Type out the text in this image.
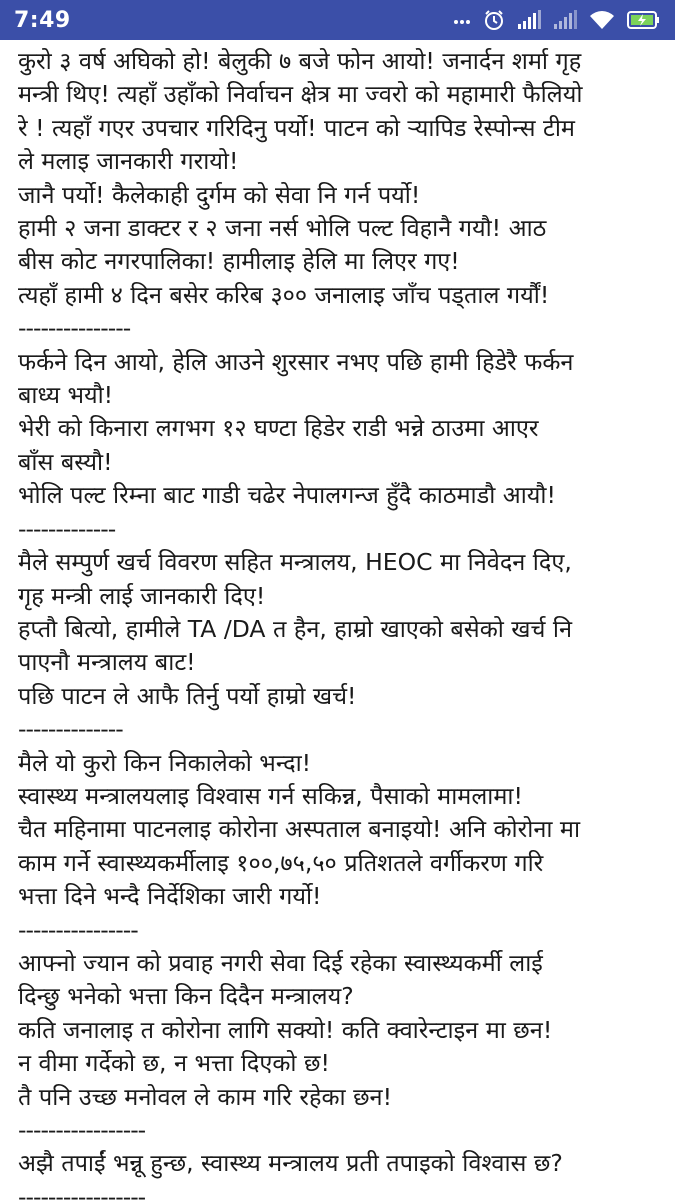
7:49
कुरो ३ वर्ष अघिको हो! बेलुकी ७ बजे फोन आयो! जनार्दन शर्मा गृह
मन्त्री थिए! त्यहाँ उहाँको निर्वाचन क्षेत्र मा ज्वरो को महामारी फैलियो
रे ! त्यहाँ गएर उपचार गरिदिनु पर्यो! पाटन को र्‍यापिड रेस्पोन्स टीम
ले मलाइ जानकारी गरायो!
जानै पर्यो! कैलेकाही दुर्गम को सेवा नि गर्न पर्यो!
हामी २ जना डाक्टर र २ जना नर्स भोलि पल्ट विहानै गयौ! आठ
बीस कोट नगरपालिका! हामीलाइ हेलि मा लिएर गए!
त्यहाँ हामी ४ दिन बसेर करिब ३०० जनालाइ जाँच पड्ताल गर्यौं!
---------------
फर्कने दिन आयो, हेलि आउने शुरसार नभए पछि हामी हिडेरै फर्कन
बाध्य भयौ!
भेरी को किनारा लगभग १२ घण्टा हिडेर राडी भन्ने ठाउमा आएर
बाँस बस्यौ!
भोलि पल्ट रिम्ना बाट गाडी चढेर नेपालगन्ज हुँदै काठमाडौ आयौ!
-------------
मैले सम्पुर्ण खर्च विवरण सहित मन्त्रालय, HEOC मा निवेदन दिए,
गृह मन्त्री लाई जानकारी दिए!
हप्तौ बित्यो, हामीले TA /DA त हैन, हाम्रो खाएको बसेको खर्च नि
पाएनौ मन्त्रालय बाट!
पछि पाटन ले आफै तिर्नु पर्यो हाम्रो खर्च!
--------------
मैले यो कुरो किन निकालेको भन्दा!
स्वास्थ्य मन्त्रालयलाइ विश्वास गर्न सकिन्न, पैसाको मामलामा!
चैत महिनामा पाटनलाइ कोरोना अस्पताल बनाइयो! अनि कोरोना मा
काम गर्ने स्वास्थ्यकर्मीलाइ १००,७५,५० प्रतिशतले वर्गीकरण गरि
भत्ता दिने भन्दै निर्देशिका जारी गर्यो!
----------------
आफ्नो ज्यान को प्रवाह नगरी सेवा दिई रहेका स्वास्थ्यकर्मी लाई
दिन्छु भनेको भत्ता किन दिदैन मन्त्रालय?
कति जनालाइ त कोरोना लागि सक्यो! कति क्वारेन्टाइन मा छन!
न वीमा गर्देको छ, न भत्ता दिएको छ!
तै पनि उच्छ मनोवल ले काम गरि रहेका छन!
-----------------
अझै तपाईं भन्नू हुन्छ, स्वास्थ्य मन्त्रालय प्रती तपाइको विश्वास छ?
-----------------
